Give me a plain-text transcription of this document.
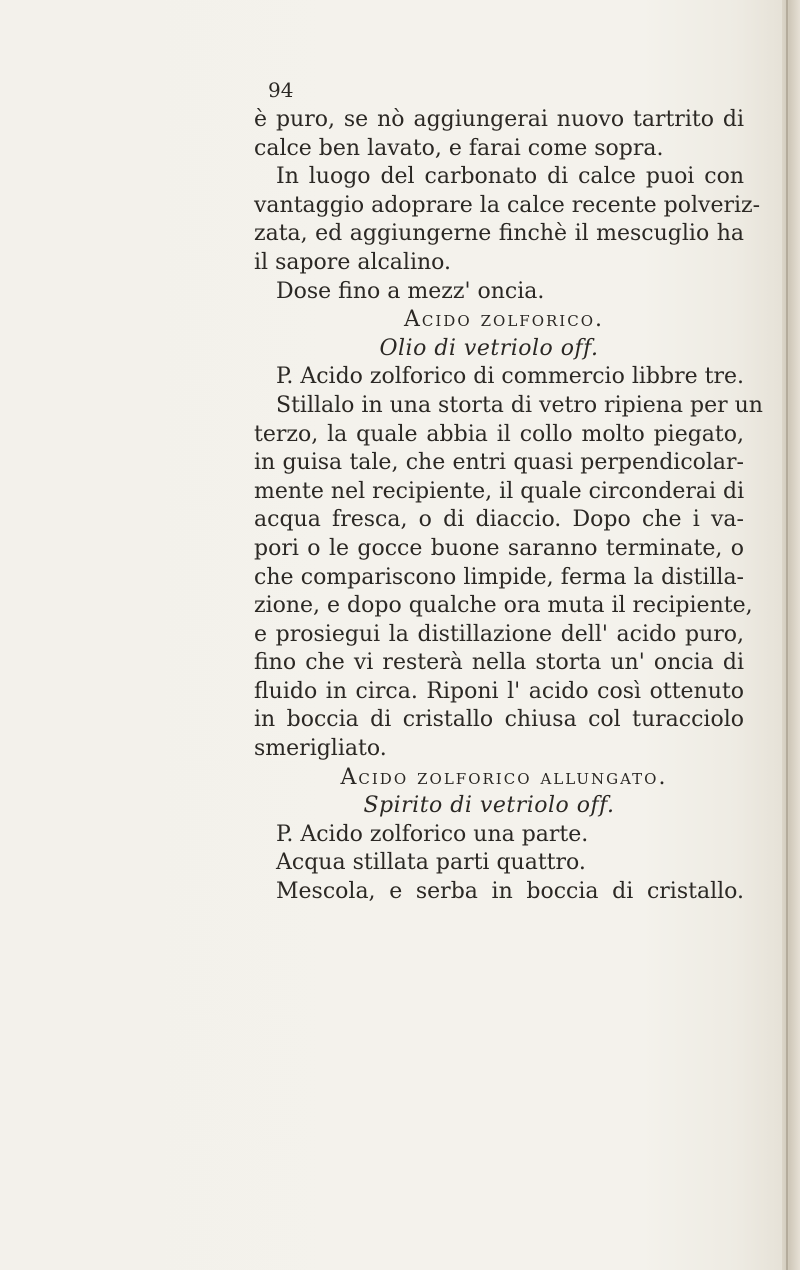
94
è puro, se nò aggiungerai nuovo tartrito di
calce ben lavato, e farai come sopra.
In luogo del carbonato di calce puoi con
vantaggio adoprare la calce recente polveriz-
zata, ed aggiungerne finchè il mescuglio ha
il sapore alcalino.
Dose fino a mezz' oncia.
Acido zolforico.
Olio di vetriolo off.
P. Acido zolforico di commercio libbre tre.
Stillalo in una storta di vetro ripiena per un
terzo, la quale abbia il collo molto piegato,
in guisa tale, che entri quasi perpendicolar-
mente nel recipiente, il quale circonderai di
acqua fresca, o di diaccio. Dopo che i va-
pori o le gocce buone saranno terminate, o
che compariscono limpide, ferma la distilla-
zione, e dopo qualche ora muta il recipiente,
e prosiegui la distillazione dell' acido puro,
fino che vi resterà nella storta un' oncia di
fluido in circa. Riponi l' acido così ottenuto
in boccia di cristallo chiusa col turacciolo
smerigliato.
Acido zolforico allungato.
Spirito di vetriolo off.
P. Acido zolforico una parte.
Acqua stillata parti quattro.
Mescola, e serba in boccia di cristallo.
